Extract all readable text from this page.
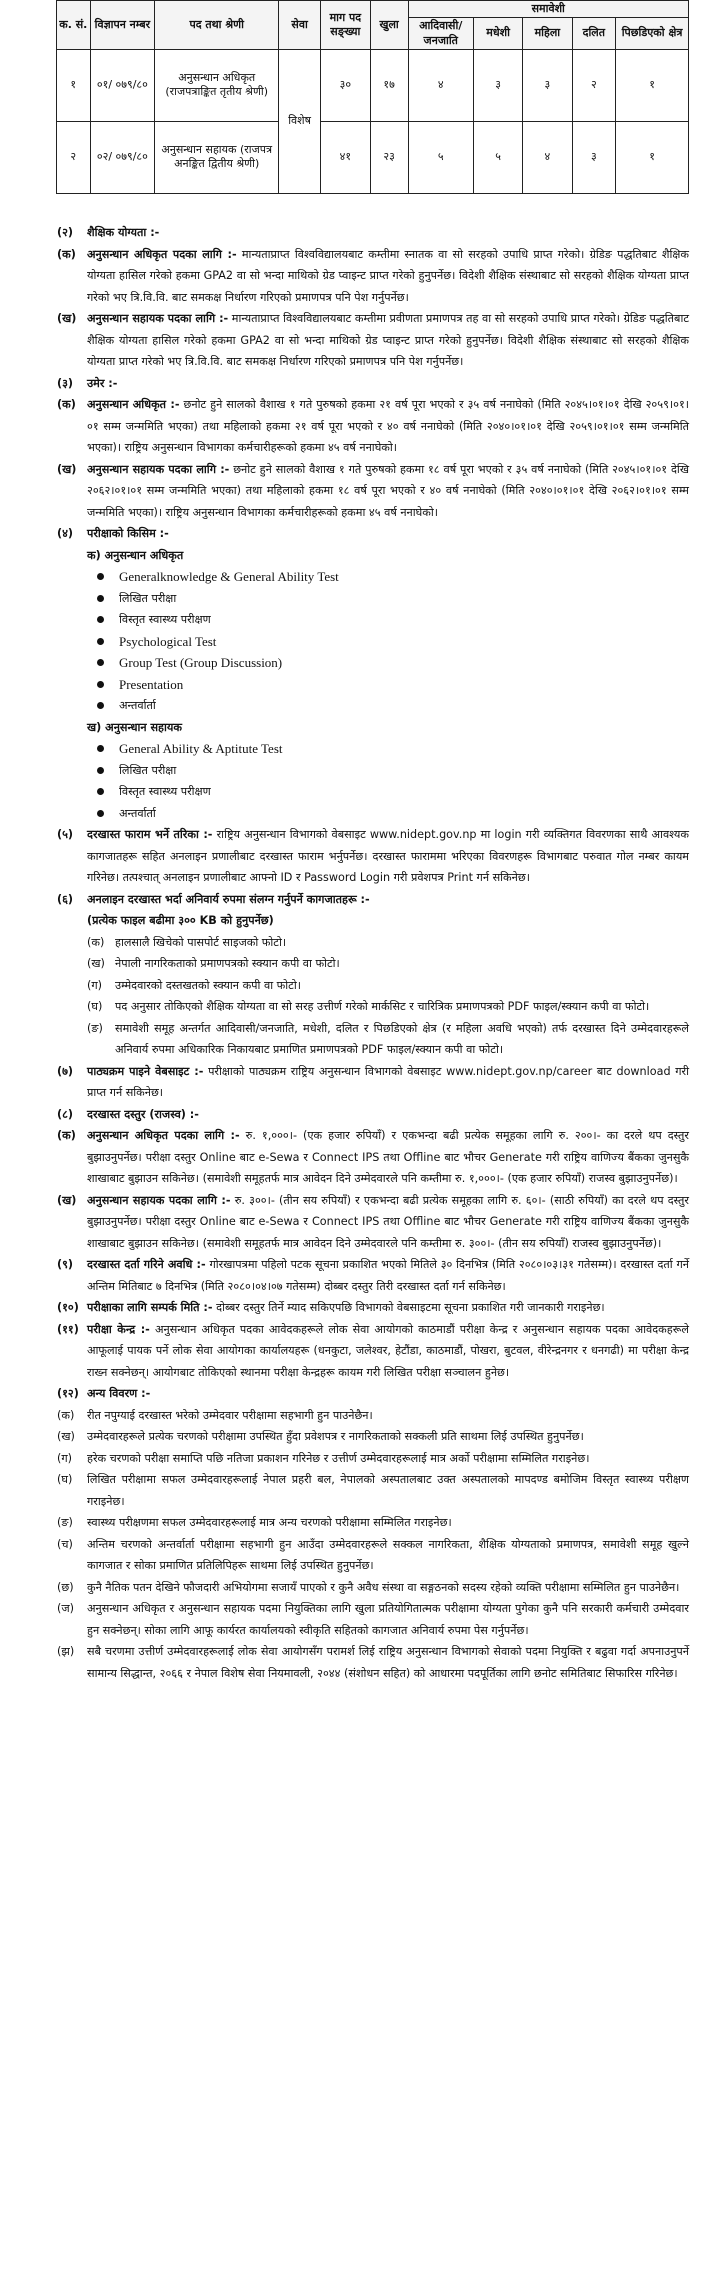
क. सं.	विज्ञापन नम्बर	पद तथा श्रेणी	सेवा	माग पद सङ्ख्या	खुला	समावेशी				
						आदिवासी/ जनजाति	मधेशी	महिला	दलित	पिछडिएको क्षेत्र
१	०१/ ०७९/८०	अनुसन्धान अधिकृत (राजपत्राङ्कित तृतीय श्रेणी)	विशेष	३०	१७	४	३	३	२	१
२	०२/ ०७९/८०	अनुसन्धान सहायक (राजपत्र अनङ्कित द्वितीय श्रेणी)		४१	२३	५	५	४	३	१
(२)	शैक्षिक योग्यता :-
(क) अनुसन्धान अधिकृत पदका लागि :- मान्यताप्राप्त विश्वविद्यालयबाट कम्तीमा स्नातक वा सो सरहको उपाधि प्राप्त गरेको। ग्रेडिङ पद्धतिबाट शैक्षिक योग्यता हासिल गरेको हकमा GPA2 वा सो भन्दा माथिको ग्रेड प्वाइन्ट प्राप्त गरेको हुनुपर्नेछ। विदेशी शैक्षिक संस्थाबाट सो सरहको शैक्षिक योग्यता प्राप्त गरेको भए त्रि.वि.वि. बाट समकक्ष निर्धारण गरिएको प्रमाणपत्र पनि पेश गर्नुपर्नेछ।
(ख) अनुसन्धान सहायक पदका लागि :- मान्यताप्राप्त विश्वविद्यालयबाट कम्तीमा प्रवीणता प्रमाणपत्र तह वा सो सरहको उपाधि प्राप्त गरेको। ग्रेडिङ पद्धतिबाट शैक्षिक योग्यता हासिल गरेको हकमा GPA2 वा सो भन्दा माथिको ग्रेड प्वाइन्ट प्राप्त गरेको हुनुपर्नेछ। विदेशी शैक्षिक संस्थाबाट सो सरहको शैक्षिक योग्यता प्राप्त गरेको भए त्रि.वि.वि. बाट समकक्ष निर्धारण गरिएको प्रमाणपत्र पनि पेश गर्नुपर्नेछ।
(३)	उमेर :-
(क) अनुसन्धान अधिकृत :- छनोट हुने सालको वैशाख १ गते पुरुषको हकमा २१ वर्ष पूरा भएको र ३५ वर्ष ननाघेको (मिति २०४५।०१।०१ देखि २०५९।०१।०१ सम्म जन्ममिति भएका) तथा महिलाको हकमा २१ वर्ष पूरा भएको र ४० वर्ष ननाघेको (मिति २०४०।०१।०१ देखि २०५९।०१।०१ सम्म जन्ममिति भएका)। राष्ट्रिय अनुसन्धान विभागका कर्मचारीहरूको हकमा ४५ वर्ष ननाघेको।
(ख) अनुसन्धान सहायक पदका लागि :- छनोट हुने सालको वैशाख १ गते पुरुषको हकमा १८ वर्ष पूरा भएको र ३५ वर्ष ननाघेको (मिति २०४५।०१।०१ देखि २०६२।०१।०१ सम्म जन्ममिति भएका) तथा महिलाको हकमा १८ वर्ष पूरा भएको र ४० वर्ष ननाघेको (मिति २०४०।०१।०१ देखि २०६२।०१।०१ सम्म जन्ममिति भएका)। राष्ट्रिय अनुसन्धान विभागका कर्मचारीहरूको हकमा ४५ वर्ष ननाघेको।
(४)	परीक्षाको किसिम :-
क) अनुसन्धान अधिकृत
Generalknowledge & General Ability Test
लिखित परीक्षा
विस्तृत स्वास्थ्य परीक्षण
Psychological Test
Group Test (Group Discussion)
Presentation
अन्तर्वार्ता
ख) अनुसन्धान सहायक
General Ability & Aptitute Test
लिखित परीक्षा
विस्तृत स्वास्थ्य परीक्षण
अन्तर्वार्ता
(५)	दरखास्त फाराम भर्ने तरिका :- राष्ट्रिय अनुसन्धान विभागको वेबसाइट www.nidept.gov.np मा login गरी व्यक्तिगत विवरणका साथै आवश्यक कागजातहरू सहित अनलाइन प्रणालीबाट दरखास्त फाराम भर्नुपर्नेछ। दरखास्त फाराममा भरिएका विवरणहरू विभागबाट परुवात गोल नम्बर कायम गरिनेछ। तत्पश्चात् अनलाइन प्रणालीबाट आफ्नो ID र Password Login गरी प्रवेशपत्र Print गर्न सकिनेछ।
(६)	अनलाइन दरखास्त भर्दा अनिवार्य रुपमा संलग्न गर्नुपर्ने कागजातहरू :-
(प्रत्येक फाइल बढीमा ३०० KB को हुनुपर्नेछ)
(क) हालसालै खिचेको पासपोर्ट साइजको फोटो।
(ख) नेपाली नागरिकताको प्रमाणपत्रको स्क्यान कपी वा फोटो।
(ग)	उम्मेदवारको दस्तखतको स्क्यान कपी वा फोटो।
(घ)	पद अनुसार तोकिएको शैक्षिक योग्यता वा सो सरह उत्तीर्ण गरेको मार्कसिट र चारित्रिक प्रमाणपत्रको PDF फाइल/स्क्यान कपी वा फोटो।
(ङ)	समावेशी समूह अन्तर्गत आदिवासी/जनजाति, मधेशी, दलित र पिछडिएको क्षेत्र (र महिला अवधि भएको) तर्फ दरखास्त दिने उम्मेदवारहरूले अनिवार्य रुपमा अधिकारिक निकायबाट प्रमाणित प्रमाणपत्रको PDF फाइल/स्क्यान कपी वा फोटो।
(७)	पाठ्यक्रम पाइने वेबसाइट :- परीक्षाको पाठ्यक्रम राष्ट्रिय अनुसन्धान विभागको वेबसाइट www.nidept.gov.np/career बाट download गरी प्राप्त गर्न सकिनेछ।
(८)	दरखास्त दस्तुर (राजस्व) :-
(क) अनुसन्धान अधिकृत पदका लागि :- रु. १,०००।- (एक हजार रुपियाँ) र एकभन्दा बढी प्रत्येक समूहका लागि रु. २००।- का दरले थप दस्तुर बुझाउनुपर्नेछ। परीक्षा दस्तुर Online बाट e-Sewa र Connect IPS तथा Offline बाट भौचर Generate गरी राष्ट्रिय वाणिज्य बैंकका जुनसुकै शाखाबाट बुझाउन सकिनेछ। (समावेशी समूहतर्फ मात्र आवेदन दिने उम्मेदवारले पनि कम्तीमा रु. १,०००।- (एक हजार रुपियाँ) राजस्व बुझाउनुपर्नेछ)।
(ख) अनुसन्धान सहायक पदका लागि :- रु. ३००।- (तीन सय रुपियाँ) र एकभन्दा बढी प्रत्येक समूहका लागि रु. ६०।- (साठी रुपियाँ) का दरले थप दस्तुर बुझाउनुपर्नेछ। परीक्षा दस्तुर Online बाट e-Sewa र Connect IPS तथा Offline बाट भौचर Generate गरी राष्ट्रिय वाणिज्य बैंकका जुनसुकै शाखाबाट बुझाउन सकिनेछ। (समावेशी समूहतर्फ मात्र आवेदन दिने उम्मेदवारले पनि कम्तीमा रु. ३००।- (तीन सय रुपियाँ) राजस्व बुझाउनुपर्नेछ)।
(९)	दरखास्त दर्ता गरिने अवधि :- गोरखापत्रमा पहिलो पटक सूचना प्रकाशित भएको मितिले ३० दिनभित्र (मिति २०८०।०३।३१ गतेसम्म)। दरखास्त दर्ता गर्ने अन्तिम मितिबाट ७ दिनभित्र (मिति २०८०।०४।०७ गतेसम्म) दोब्बर दस्तुर तिरी दरखास्त दर्ता गर्न सकिनेछ।
(१०) परीक्षाका लागि सम्पर्क मिति :- दोब्बर दस्तुर तिर्ने म्याद सकिएपछि विभागको वेबसाइटमा सूचना प्रकाशित गरी जानकारी गराइनेछ।
(११) परीक्षा केन्द्र :- अनुसन्धान अधिकृत पदका आवेदकहरूले लोक सेवा आयोगको काठमाडौं परीक्षा केन्द्र र अनुसन्धान सहायक पदका आवेदकहरूले आफूलाई पायक पर्ने लोक सेवा आयोगका कार्यालयहरू (धनकुटा, जलेश्वर, हेटौंडा, काठमाडौं, पोखरा, बुटवल, वीरेन्द्रनगर र धनगढी) मा परीक्षा केन्द्र राख्न सक्नेछन्। आयोगबाट तोकिएको स्थानमा परीक्षा केन्द्रहरू कायम गरी लिखित परीक्षा सञ्चालन हुनेछ।
(१२) अन्य विवरण :-
(क)	रीत नपुग्याई दरखास्त भरेको उम्मेदवार परीक्षामा सहभागी हुन पाउनेछैन।
(ख)	उम्मेदवारहरूले प्रत्येक चरणको परीक्षामा उपस्थित हुँदा प्रवेशपत्र र नागरिकताको सक्कली प्रति साथमा लिई उपस्थित हुनुपर्नेछ।
(ग)	हरेक चरणको परीक्षा समाप्ति पछि नतिजा प्रकाशन गरिनेछ र उत्तीर्ण उम्मेदवारहरूलाई मात्र अर्को परीक्षामा सम्मिलित गराइनेछ।
(घ)	लिखित परीक्षामा सफल उम्मेदवारहरूलाई नेपाल प्रहरी बल, नेपालको अस्पतालबाट उक्त अस्पतालको मापदण्ड बमोजिम विस्तृत स्वास्थ्य परीक्षण गराइनेछ।
(ङ)	स्वास्थ्य परीक्षणमा सफल उम्मेदवारहरूलाई मात्र अन्य चरणको परीक्षामा सम्मिलित गराइनेछ।
(च)	अन्तिम चरणको अन्तर्वार्ता परीक्षामा सहभागी हुन आउँदा उम्मेदवारहरूले सक्कल नागरिकता, शैक्षिक योग्यताको प्रमाणपत्र, समावेशी समूह खुल्ने कागजात र सोका प्रमाणित प्रतिलिपिहरू साथमा लिई उपस्थित हुनुपर्नेछ।
(छ)	कुनै नैतिक पतन देखिने फौजदारी अभियोगमा सजायँ पाएको र कुनै अवैध संस्था वा सङ्गठनको सदस्य रहेको व्यक्ति परीक्षामा सम्मिलित हुन पाउनेछैन।
(ज)	अनुसन्धान अधिकृत र अनुसन्धान सहायक पदमा नियुक्तिका लागि खुला प्रतियोगितात्मक परीक्षामा योग्यता पुगेका कुनै पनि सरकारी कर्मचारी उम्मेदवार हुन सक्नेछन्। सोका लागि आफू कार्यरत कार्यालयको स्वीकृति सहितको कागजात अनिवार्य रुपमा पेस गर्नुपर्नेछ।
(झ)	सबै चरणमा उत्तीर्ण उम्मेदवारहरूलाई लोक सेवा आयोगसँग परामर्श लिई राष्ट्रिय अनुसन्धान विभागको सेवाको पदमा नियुक्ति र बढुवा गर्दा अपनाउनुपर्ने सामान्य सिद्धान्त, २०६६ र नेपाल विशेष सेवा नियमावली, २०४४ (संशोधन सहित) को आधारमा पदपूर्तिका लागि छनोट समितिबाट सिफारिस गरिनेछ।
